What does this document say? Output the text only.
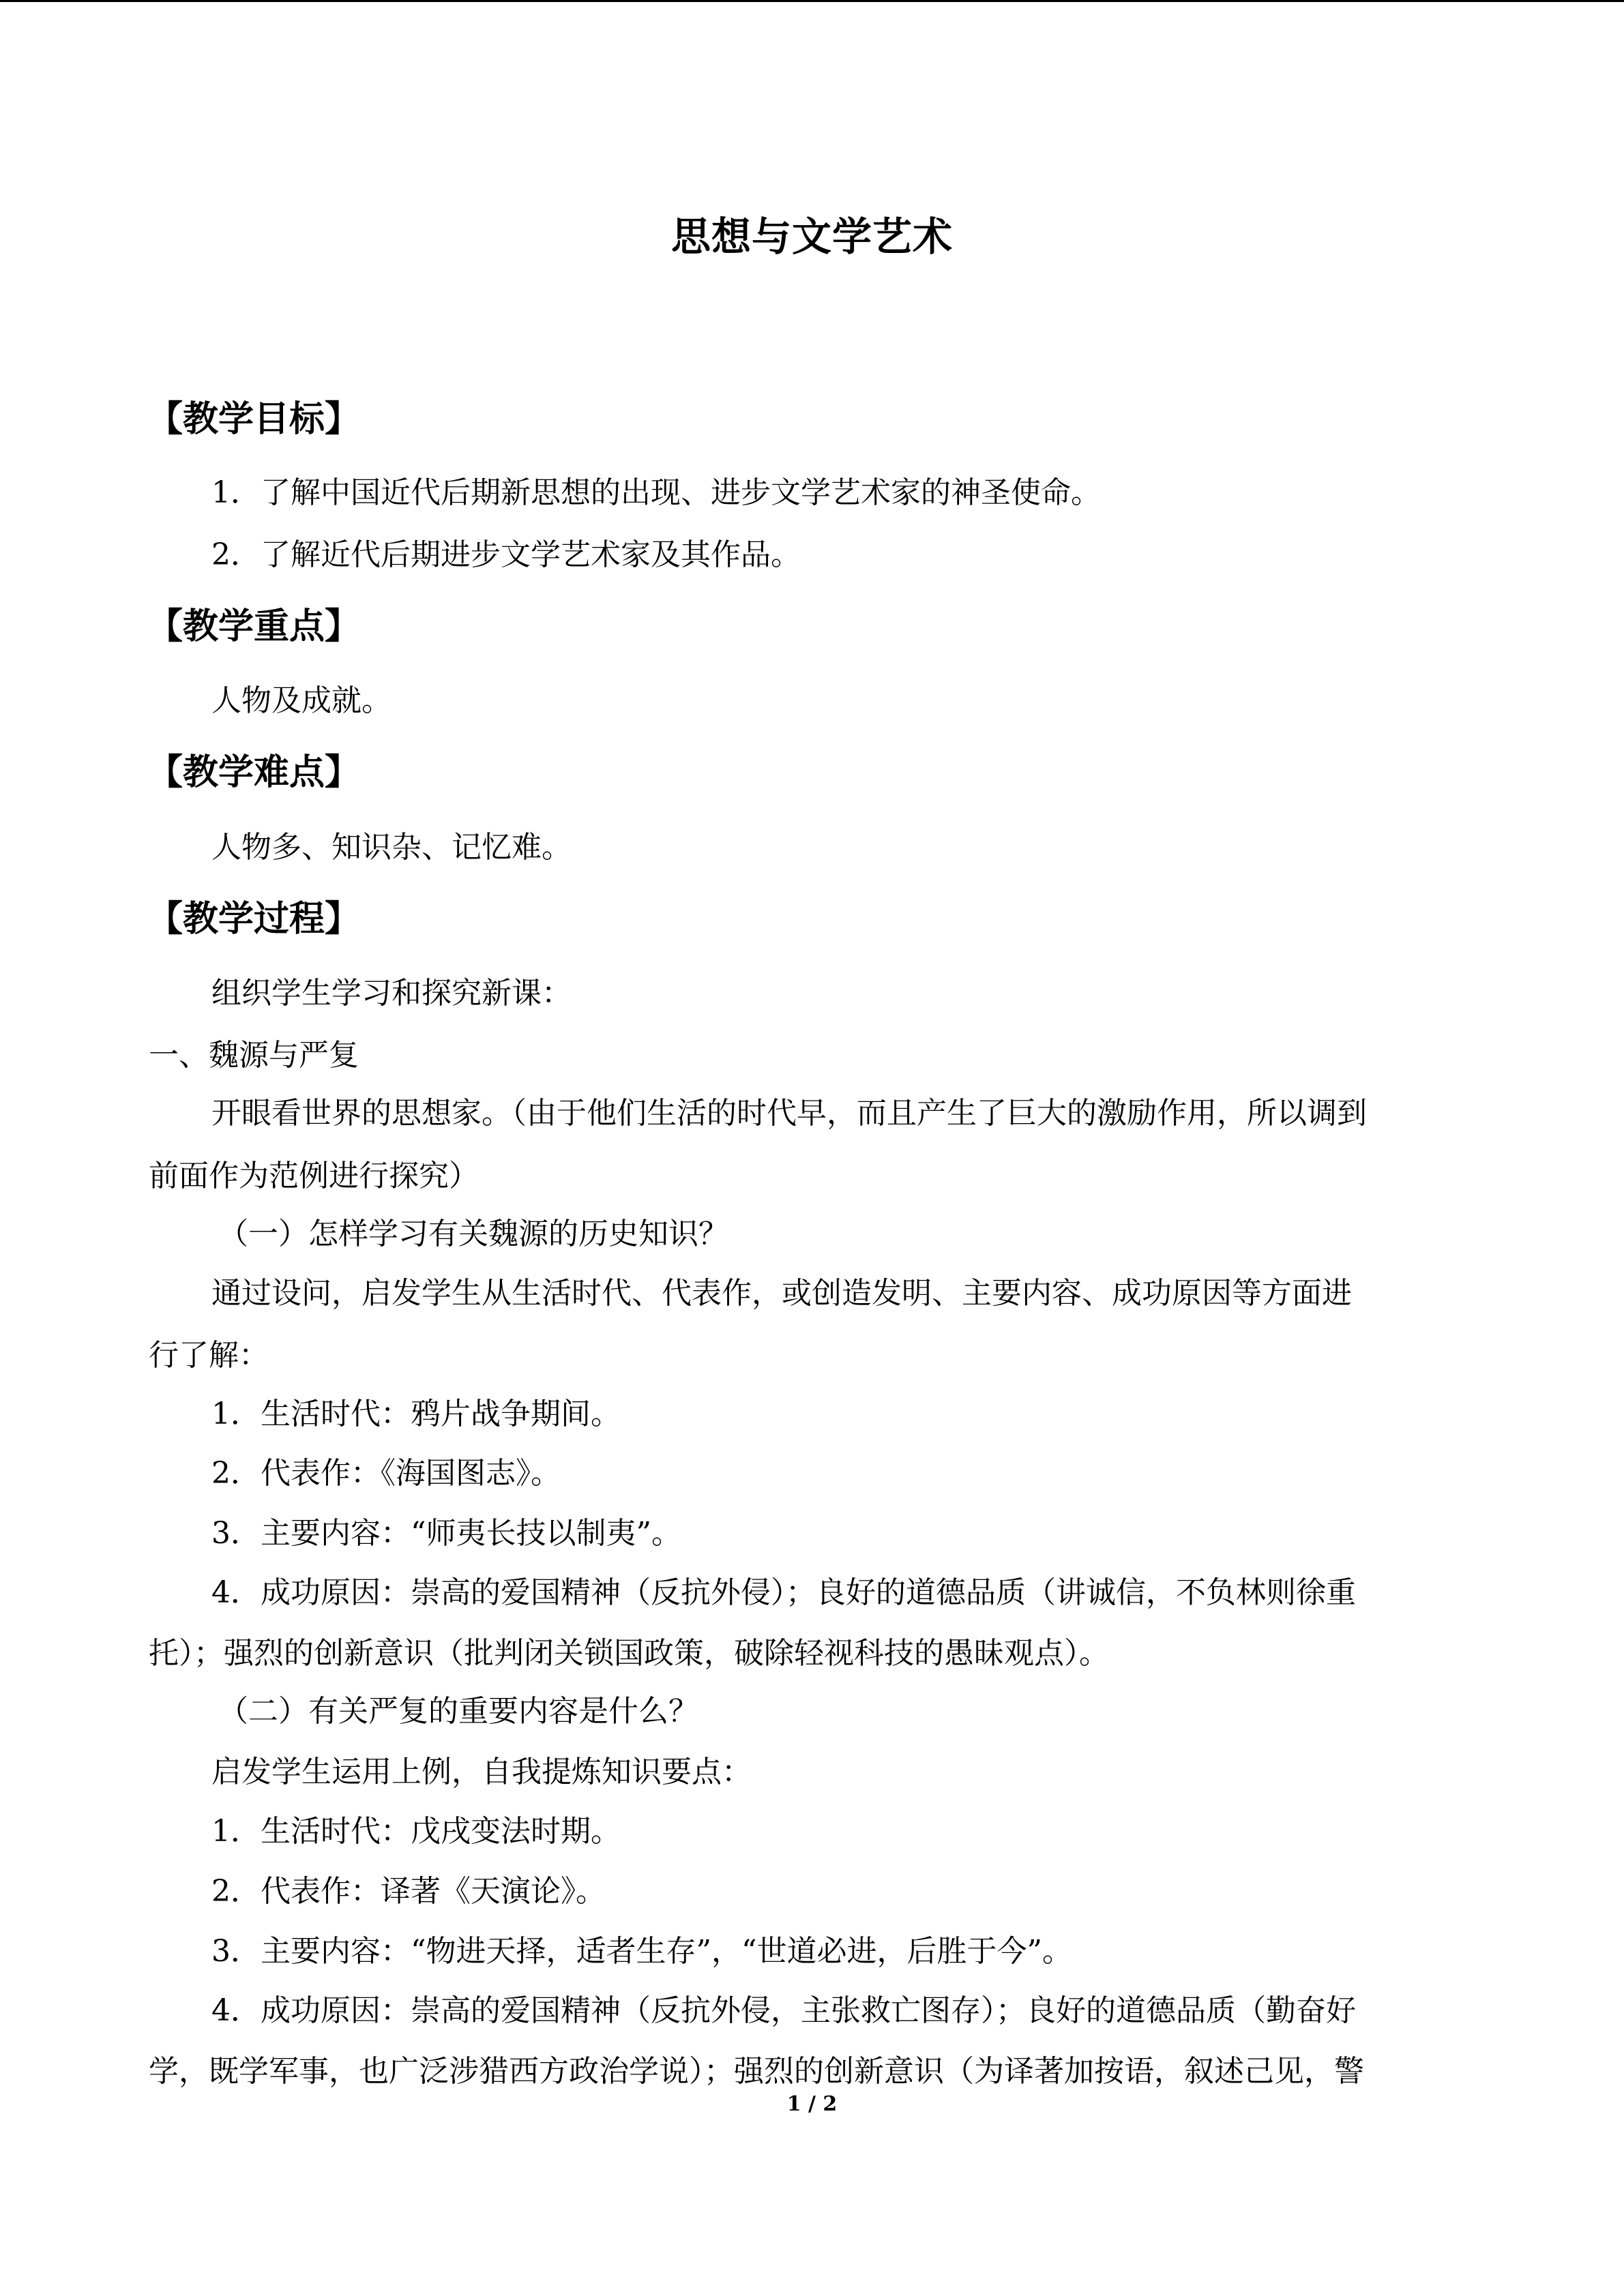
思想与文学艺术
【教学目标】
1．了解中国近代后期新思想的出现、进步文学艺术家的神圣使命。
2．了解近代后期进步文学艺术家及其作品。
【教学重点】
人物及成就。
【教学难点】
人物多、知识杂、记忆难。
【教学过程】
组织学生学习和探究新课：
一、魏源与严复
开眼看世界的思想家。（由于他们生活的时代早，而且产生了巨大的激励作用，所以调到
前面作为范例进行探究）
（一）怎样学习有关魏源的历史知识？
通过设问，启发学生从生活时代、代表作，或创造发明、主要内容、成功原因等方面进
行了解：
1．生活时代：鸦片战争期间。
2．代表作：《海国图志》。
3．主要内容：“师夷长技以制夷”。
4．成功原因：崇高的爱国精神（反抗外侵）；良好的道德品质（讲诚信，不负林则徐重
托）；强烈的创新意识（批判闭关锁国政策，破除轻视科技的愚昧观点）。
（二）有关严复的重要内容是什么？
启发学生运用上例，自我提炼知识要点：
1．生活时代：戊戌变法时期。
2．代表作：译著《天演论》。
3．主要内容：“物进天择，适者生存”，“世道必进，后胜于今”。
4．成功原因：崇高的爱国精神（反抗外侵，主张救亡图存）；良好的道德品质（勤奋好
学，既学军事，也广泛涉猎西方政治学说）；强烈的创新意识（为译著加按语，叙述己见，警
1 / 2
